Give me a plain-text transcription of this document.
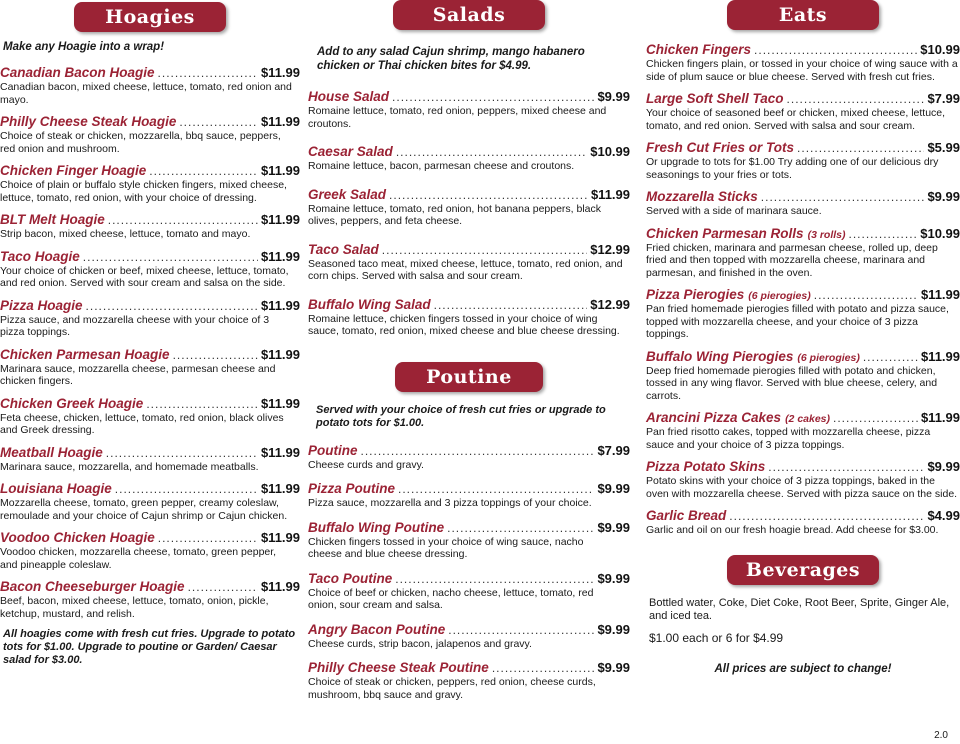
Hoagies

Make any Hoagie into a wrap!

Canadian Bacon Hoagie .....	$11.99

Canadian bacon, mixed cheese, lettuce, tomato, red onion and mayo.

Philly Cheese Steak Hoagie .....	$11.99

Choice of steak or chicken, mozzarella, bbq sauce, peppers, red onion and mushroom.

Chicken Finger Hoagie .....	$11.99

Choice of plain or buffalo style chicken fingers, mixed cheese, lettuce, tomato, red onion, with your choice of dressing.

BLT Melt Hoagie .....	$11.99

Strip bacon, mixed cheese, lettuce, tomato and mayo.

Taco Hoagie .....	$11.99

Your choice of chicken or beef, mixed cheese, lettuce, tomato, and red onion. Served with sour cream and salsa on the side.

Pizza Hoagie .....	$11.99

Pizza sauce, and mozzarella cheese with your choice of 3 pizza toppings.

Chicken Parmesan Hoagie .....	$11.99

Marinara sauce, mozzarella cheese, parmesan cheese and chicken fingers.

Chicken Greek Hoagie .....	$11.99

Feta cheese, chicken, lettuce, tomato, red onion, black olives and Greek dressing.

Meatball Hoagie .....	$11.99

Marinara sauce, mozzarella, and homemade meatballs.

Louisiana Hoagie .....	$11.99

Mozzarella cheese, tomato, green pepper, creamy coleslaw, remoulade and your choice of Cajun shrimp or Cajun chicken.

Voodoo Chicken Hoagie .....	$11.99

Voodoo chicken, mozzarella cheese, tomato, green pepper, and pineapple coleslaw.

Bacon Cheeseburger Hoagie .....	$11.99

Beef, bacon, mixed cheese, lettuce, tomato, onion, pickle, ketchup, mustard, and relish.

All hoagies come with fresh cut fries. Upgrade to potato tots for $1.00. Upgrade to poutine or Garden/ Caesar salad for $3.00.

Salads

Add to any salad Cajun shrimp, mango habanero chicken or Thai chicken bites for $4.99.

House Salad .....	$9.99

Romaine lettuce, tomato, red onion, peppers, mixed cheese and croutons.

Caesar Salad .....	$10.99

Romaine lettuce, bacon, parmesan cheese and croutons.

Greek Salad .....	$11.99

Romaine lettuce, tomato, red onion, hot banana peppers, black olives, peppers, and feta cheese.

Taco Salad .....	$12.99

Seasoned taco meat, mixed cheese, lettuce, tomato, red onion, and corn chips. Served with salsa and sour cream.

Buffalo Wing Salad .....	$12.99

Romaine lettuce, chicken fingers tossed in your choice of wing sauce, tomato, red onion, mixed cheese and blue cheese dressing.

Poutine

Served with your choice of fresh cut fries or upgrade to potato tots for $1.00.

Poutine .....	$7.99

Cheese curds and gravy.

Pizza Poutine .....	$9.99

Pizza sauce, mozzarella and 3 pizza toppings of your choice.

Buffalo Wing Poutine .....	$9.99

Chicken fingers tossed in your choice of wing sauce, nacho cheese and blue cheese dressing.

Taco Poutine .....	$9.99

Choice of beef or chicken, nacho cheese, lettuce, tomato, red onion, sour cream and salsa.

Angry Bacon Poutine .....	$9.99

Cheese curds, strip bacon, jalapenos and gravy.

Philly Cheese Steak Poutine .....	$9.99

Choice of steak or chicken, peppers, red onion, cheese curds, mushroom, bbq sauce and gravy.

Eats
Chicken Fingers .....	$10.99

Chicken fingers plain, or tossed in your choice of wing sauce with a side of plum sauce or blue cheese. Served with fresh cut fries.

Large Soft Shell Taco .....	$7.99

Your choice of seasoned beef or chicken, mixed cheese, lettuce, tomato, and red onion. Served with salsa and sour cream.

Fresh Cut Fries or Tots .....	$5.99

Or upgrade to tots for $1.00 Try adding one of our delicious dry seasonings to your fries or tots.

Mozzarella Sticks .....	$9.99

Served with a side of marinara sauce.

Chicken Parmesan Rolls (3 rolls) .....	$10.99

Fried chicken, marinara and parmesan cheese, rolled up, deep fried and then topped with mozzarella cheese, marinara and parmesan, and finished in the oven.

Pizza Pierogies (6 pierogies) .....	$11.99

Pan fried homemade pierogies filled with potato and pizza sauce, topped with mozzarella cheese, and your choice of 3 pizza toppings.

Buffalo Wing Pierogies (6 pierogies) .....	$11.99

Deep fried homemade pierogies filled with potato and chicken, tossed in any wing flavor. Served with blue cheese, celery, and carrots.

Arancini Pizza Cakes (2 cakes) .....	$11.99

Pan fried risotto cakes, topped with mozzarella cheese, pizza sauce and your choice of 3 pizza toppings.

Pizza Potato Skins .....	$9.99

Potato skins with your choice of 3 pizza toppings, baked in the oven with mozzarella cheese. Served with pizza sauce on the side.

Garlic Bread .....	$4.99

Garlic and oil on our fresh hoagie bread. Add cheese for $3.00.

Beverages

Bottled water, Coke, Diet Coke, Root Beer, Sprite, Ginger Ale, and iced tea.

$1.00 each or 6 for $4.99

All prices are subject to change!

2.0
